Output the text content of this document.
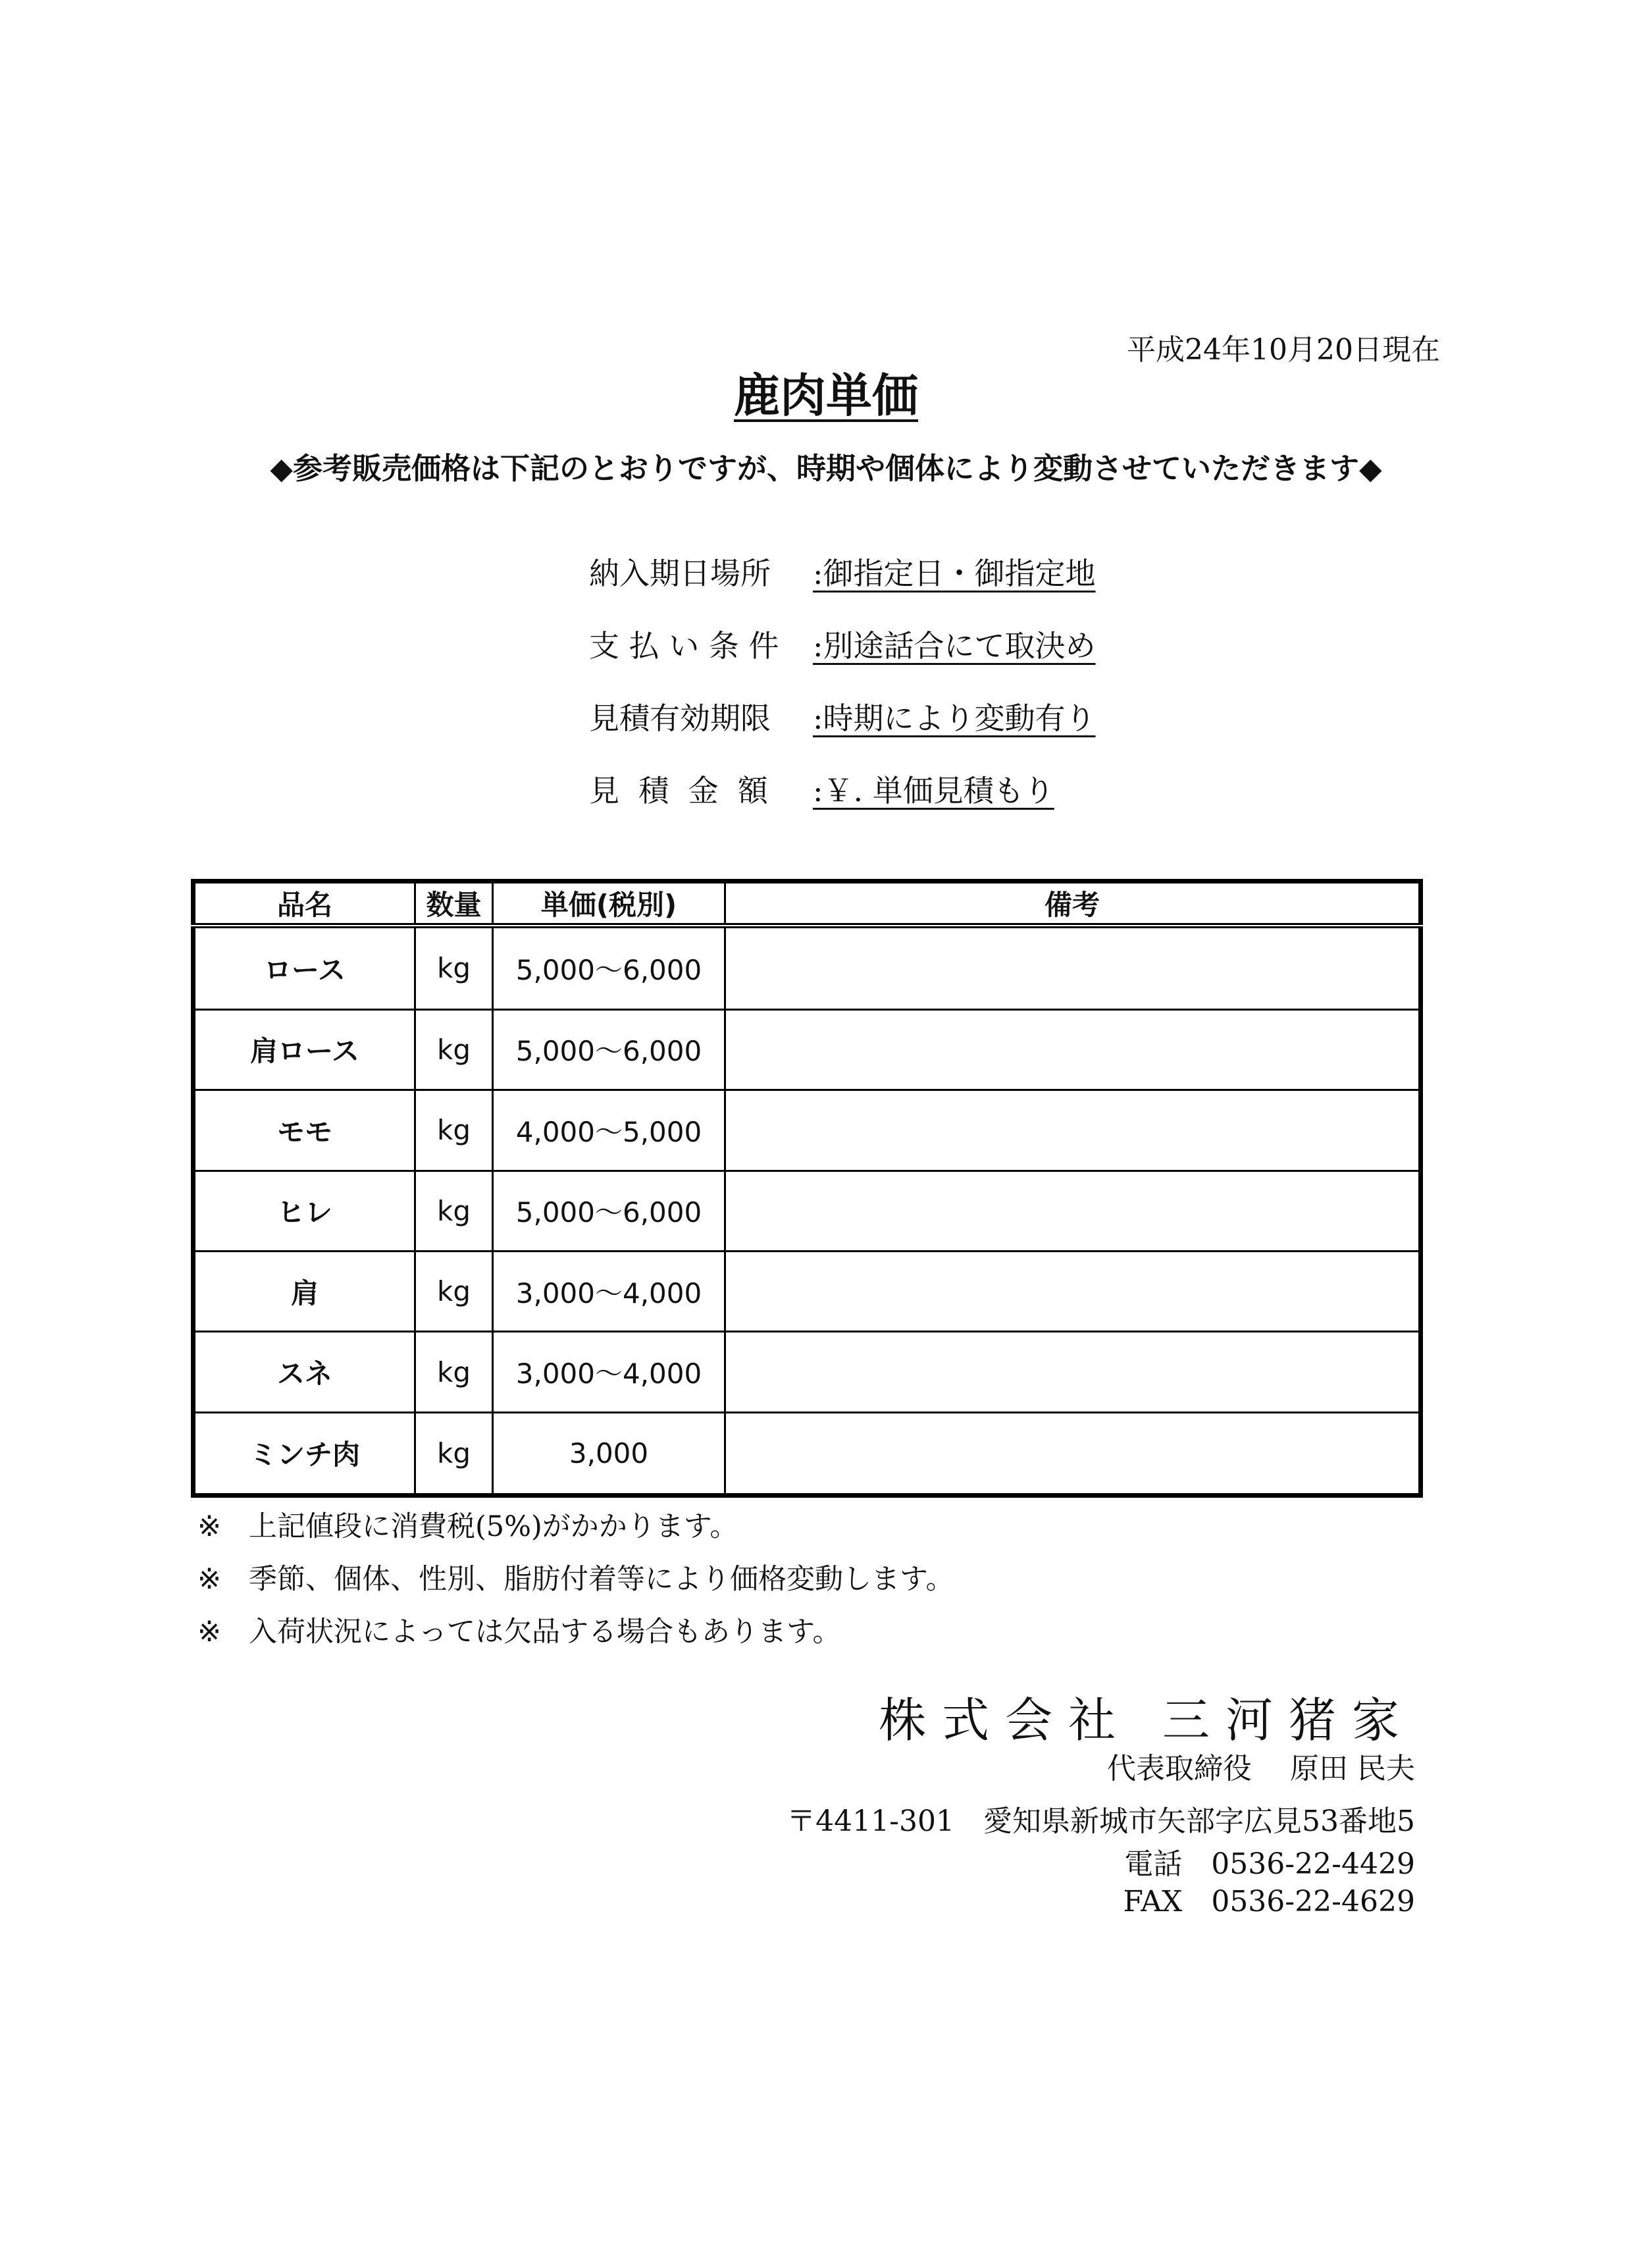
平成24年10月20日現在
鹿肉単価
◆参考販売価格は下記のとおりですが、時期や個体により変動させていただきます◆
納入期日場所 :御指定日・御指定地
支 払 い 条 件 :別途話合にて取決め
見積有効期限 :時期により変動有り
見  積  金  額 :￥. 単価見積もり
品名	数量	単価(税別)	備考
ロース	kg	5,000〜6,000	
肩ロース	kg	5,000〜6,000	
モモ	kg	4,000〜5,000	
ヒレ	kg	5,000〜6,000	
肩	kg	3,000〜4,000	
スネ	kg	3,000〜4,000	
ミンチ肉	kg	3,000	
※ 上記値段に消費税(5%)がかかります。
※ 季節、個体、性別、脂肪付着等により価格変動します。
※ 入荷状況によっては欠品する場合もあります。
株式会社 三河猪家
代表取締役　 原田 民夫
〒4411-301　愛知県新城市矢部字広見53番地5
電話　0536-22-4429
FAX　0536-22-4629
